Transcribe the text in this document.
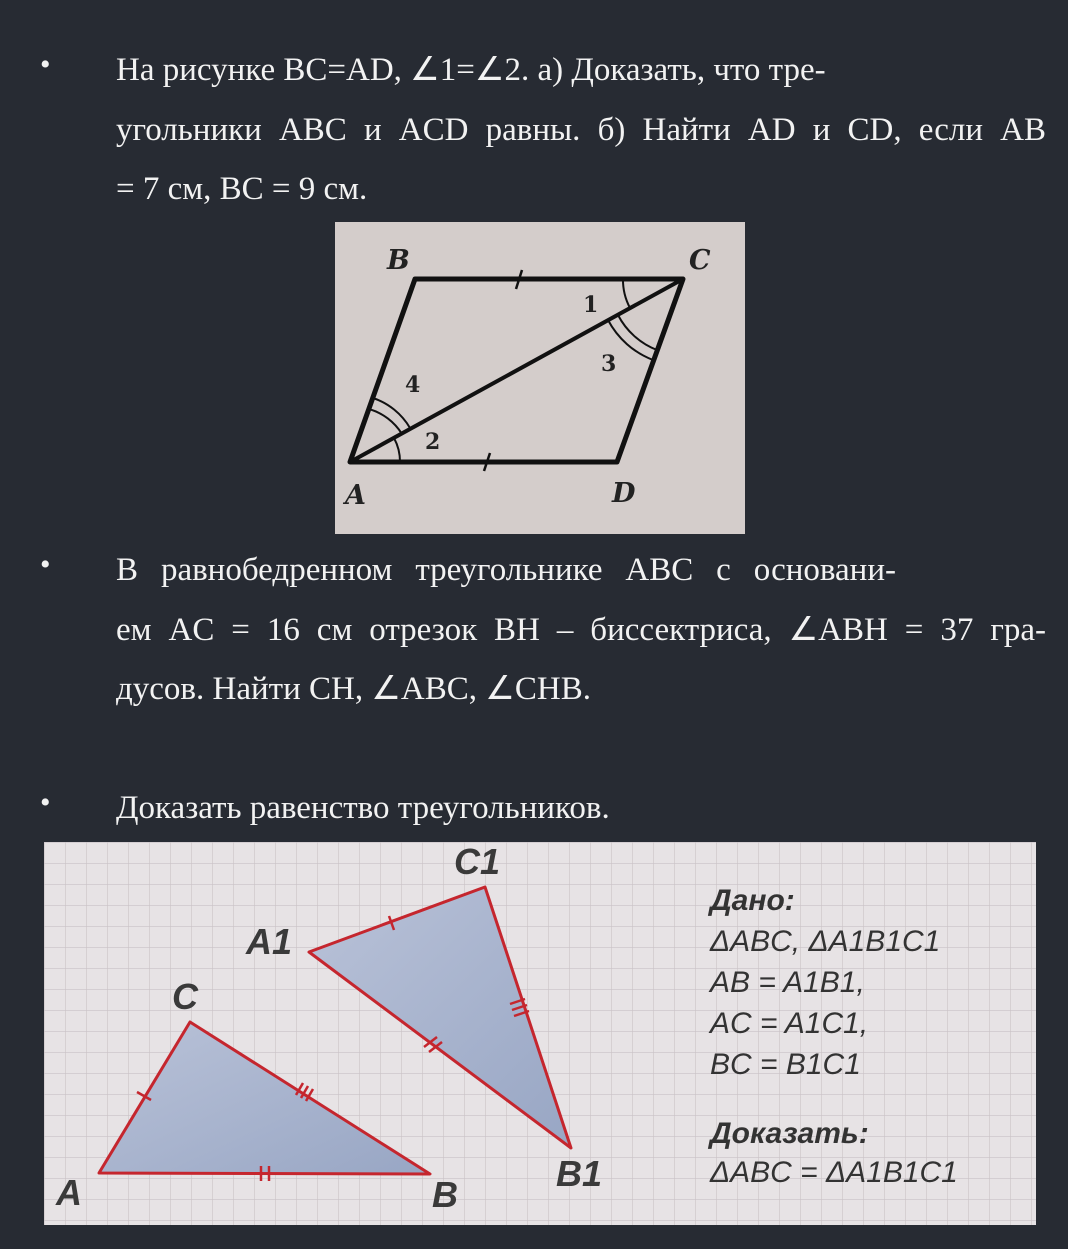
• На рисунке BC=AD, ∠1=∠2. а) Доказать, что тре-
угольники ABC и ACD равны. б) Найти AD и CD, если AB
= 7 см, BC = 9 см.
B	C
A	D
1
2
3
4
• В равнобедренном треугольнике ABC с основани-
ем AC = 16 см отрезок BH – биссектриса, ∠ABH = 37 гра-
дусов. Найти CH, ∠ABC, ∠CHB.
• Доказать равенство треугольников.
A	B
C
A1
B1
C1
Дано:
ΔABC, ΔA1B1C1
AB = A1B1,
AC = A1C1,
BC = B1C1
Доказать:
ΔABC = ΔA1B1C1
